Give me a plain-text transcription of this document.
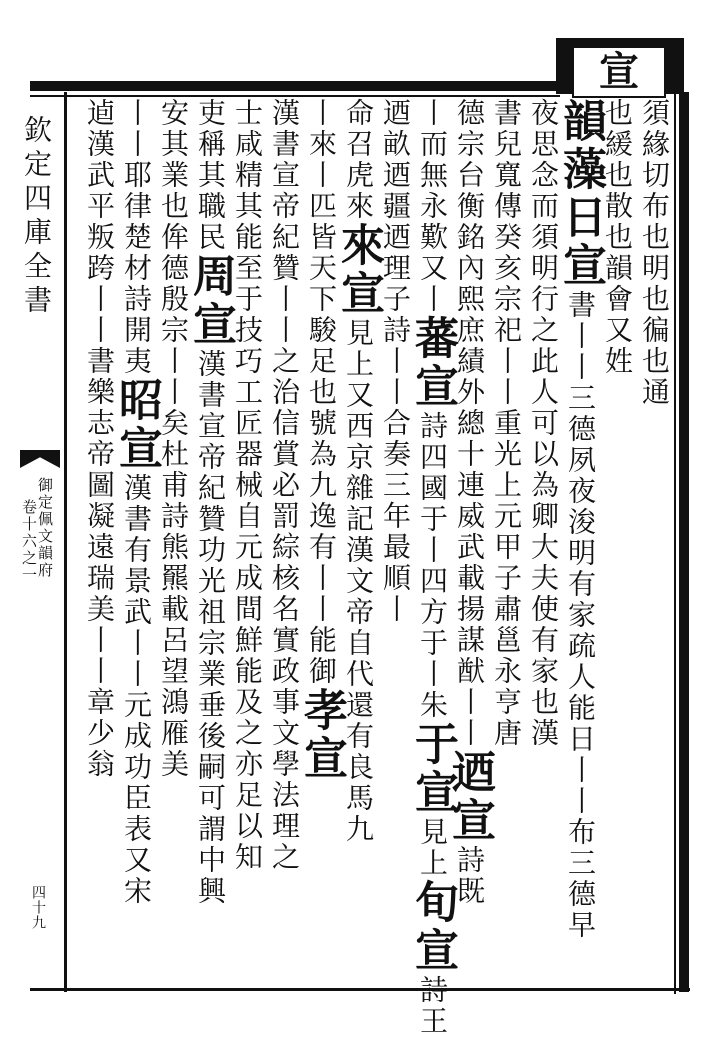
宣
欽定四庫全書
御定佩文韻府
卷十六之一
四十九
須緣切布也明也徧也通
也緩也散也韻會又姓
韻藻日宣書丨丨三德夙夜浚明有家疏人能日丨丨布三德早
夜思念而須明行之此人可以為卿大夫使有家也漢
書兒寬傳癸亥宗祀丨丨重光上元甲子肅邕永亨唐
德宗台衡銘內熙庶績外總十連威武載揚謀猷丨丨迺宣詩既
丨而無永歎又丨蕃宣詩四國于丨四方于丨朱于宣見上旬宣詩王
迺畝迺疆迺理子詩丨丨合奏三年最順丨
命召虎來來宣見上又西京雜記漢文帝自代還有良馬九
丨來丨匹皆天下駿足也號為九逸有丨丨能御孝宣
漢書宣帝紀贊丨丨之治信賞必罰綜核名實政事文學法理之
士咸精其能至于技巧工匠器械自元成間鮮能及之亦足以知
吏稱其職民周宣漢書宣帝紀贊功光祖宗業垂後嗣可謂中興
安其業也侔德殷宗丨丨矣杜甫詩熊羆載呂望鴻雁美
丨丨耶律楚材詩開夷昭宣漢書有景武丨丨元成功臣表又宋
逌漢武平叛跨丨丨書樂志帝圖凝遠瑞美丨丨章少翁
